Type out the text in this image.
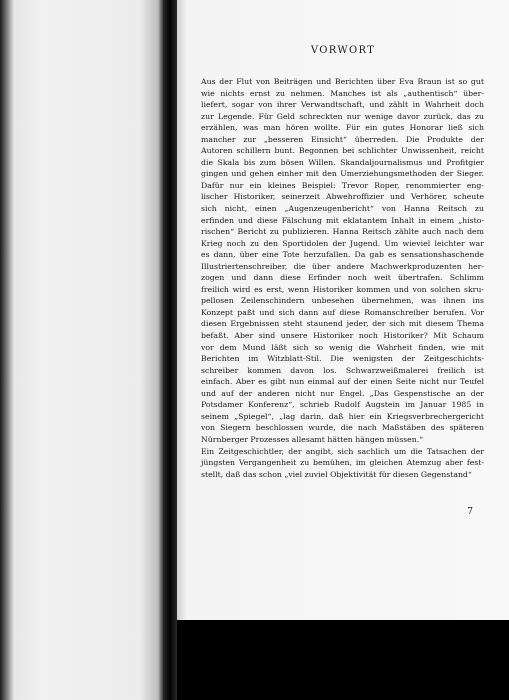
VORWORT
Aus der Flut von Beiträgen und Berichten über Eva Braun ist so gut
wie nichts ernst zu nehmen. Manches ist als „authentisch“ über-
liefert, sogar von ihrer Verwandtschaft, und zählt in Wahrheit doch
zur Legende. Für Geld schreckten nur wenige davor zurück, das zu
erzählen, was man hören wollte. Für ein gutes Honorar ließ sich
mancher zur „besseren Einsicht“ überreden. Die Produkte der
Autoren schillern bunt. Begonnen bei schlichter Unwissenheit, reicht
die Skala bis zum bösen Willen. Skandaljournalismus und Profitgier
gingen und gehen einher mit den Umerziehungsmethoden der Sieger.
Dafür nur ein kleines Beispiel: Trevor Roper, renommierter eng-
lischer Historiker, seinerzeit Abwehroffizier und Verhörer, scheute
sich nicht, einen „Augenzeugenbericht“ von Hanna Reitsch zu
erfinden und diese Fälschung mit eklatantem Inhalt in einem „histo-
rischen“ Bericht zu publizieren. Hanna Reitsch zählte auch nach dem
Krieg noch zu den Sportidolen der Jugend. Um wieviel leichter war
es dann, über eine Tote herzufallen. Da gab es sensationshaschende
Illustriertenschreiber, die über andere Machwerkproduzenten her-
zogen und dann diese Erfinder noch weit übertrafen. Schlimm
freilich wird es erst, wenn Historiker kommen und von solchen skru-
pellosen Zeilenschindern unbesehen übernehmen, was ihnen ins
Konzept paßt und sich dann auf diese Romanschreiber berufen. Vor
diesen Ergebnissen steht staunend jeder, der sich mit diesem Thema
befaßt. Aber sind unsere Historiker noch Historiker? Mit Schaum
vor dem Mund läßt sich so wenig die Wahrheit finden, wie mit
Berichten im Witzblatt-Stil. Die wenigsten der Zeitgeschichts-
schreiber kommen davon los. Schwarzweißmalerei freilich ist
einfach. Aber es gibt nun einmal auf der einen Seite nicht nur Teufel
und auf der anderen nicht nur Engel. „Das Gespenstische an der
Potsdamer Konferenz“, schrieb Rudolf Augstein im Januar 1985 in
seinem „Spiegel“, „lag darin, daß hier ein Kriegsverbrechergericht
von Siegern beschlossen wurde, die nach Maßstäben des späteren
Nürnberger Prozesses allesamt hätten hängen müssen.“
Ein Zeitgeschichtler, der angibt, sich sachlich um die Tatsachen der
jüngsten Vergangenheit zu bemühen, im gleichen Atemzug aber fest-
stellt, daß das schon „viel zuviel Objektivität für diesen Gegenstand“
7
